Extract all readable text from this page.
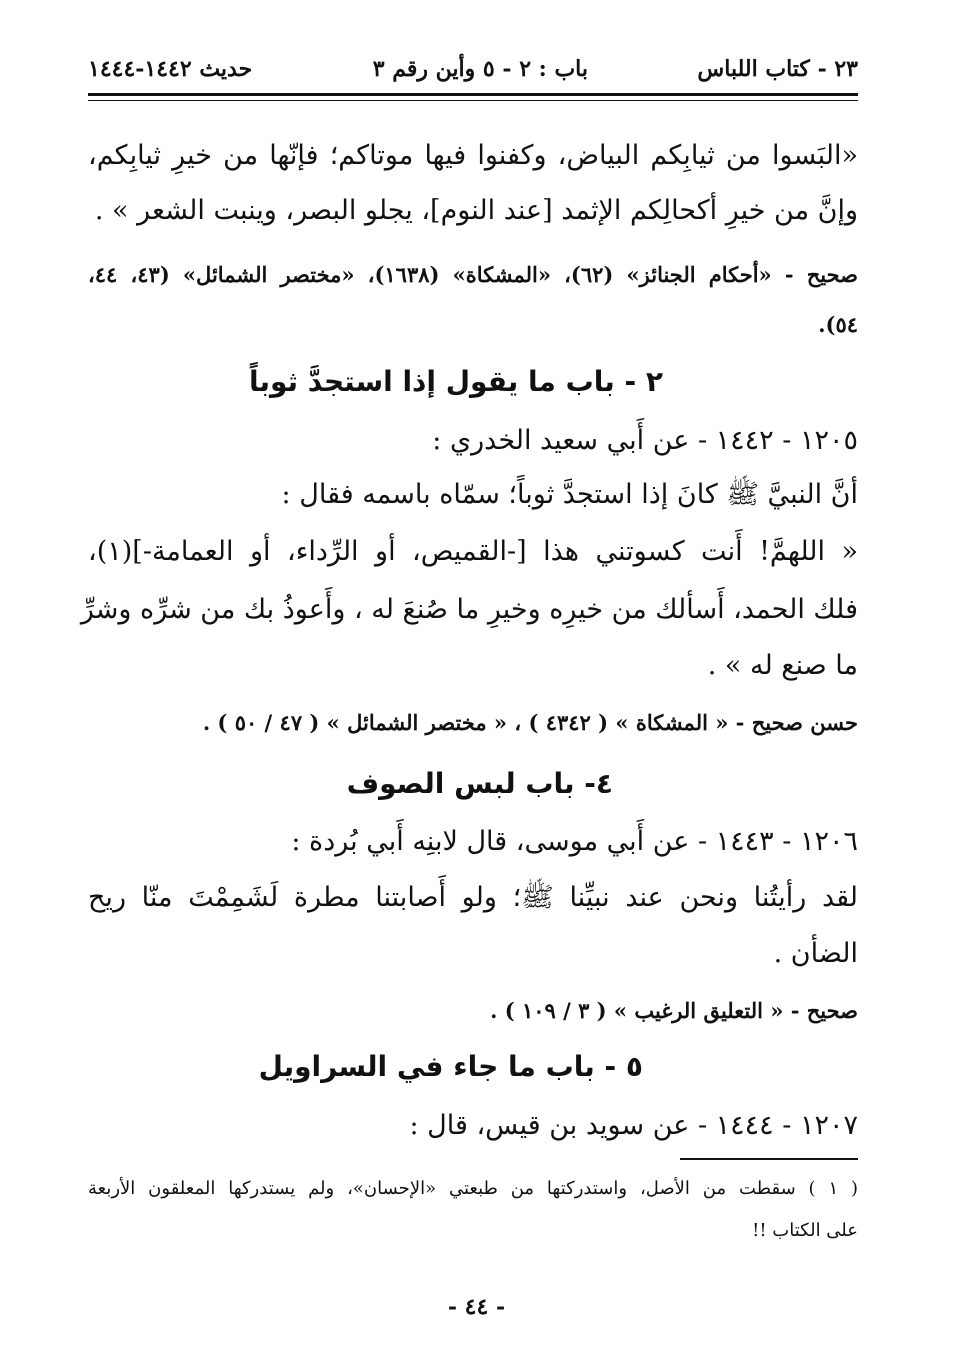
٢٣ - كتاب اللباس
باب : ٢ - ٥ وأين رقم ٣
حديث ١٤٤٢-١٤٤٤
«البَسوا من ثيابِكم البياض، وكفنوا فيها موتاكم؛ فإنّها من خيرِ ثيابِكم،
وإنَّ من خيرِ أكحالِكم الإثمد [عند النوم]، يجلو البصر، وينبت الشعر » .
صحيح - «أحكام الجنائز» (٦٢)، «المشكاة» (١٦٣٨)، «مختصر الشمائل» (٤٣، ٤٤،
٥٤).
٢ - باب ما يقول إذا استجدَّ ثوباً
١٢٠٥ - ١٤٤٢ - عن أَبي سعيد الخدري :
أنَّ النبيَّ ﷺ كانَ إذا استجدَّ ثوباً؛ سمّاه باسمه فقال :
« اللهمَّ! أَنت كسوتني هذا [-القميص، أو الرِّداء، أو العمامة-](١)،
فلك الحمد، أَسألك من خيرِه وخيرِ ما صُنعَ له ، وأَعوذُ بك من شرِّه وشرِّ
ما صنع له » .
حسن صحيح - « المشكاة » ( ٤٣٤٢ ) ، « مختصر الشمائل » ( ٤٧ / ٥٠ ) .
٤- باب لبس الصوف
١٢٠٦ - ١٤٤٣ - عن أَبي موسى، قال لابنِه أَبي بُردة :
لقد رأيتُنا ونحن عند نبيِّنا ﷺ؛ ولو أَصابتنا مطرة لَشَمِمْتَ منّا ريح
الضأن .
صحيح - « التعليق الرغيب » ( ٣ / ١٠٩ ) .
٥ - باب ما جاء في السراويل
١٢٠٧ - ١٤٤٤ - عن سويد بن قيس، قال :
( ١ ) سقطت من الأصل، واستدركتها من طبعتي «الإحسان»، ولم يستدركها المعلقون الأربعة
على الكتاب !!
- ٤٤ -
